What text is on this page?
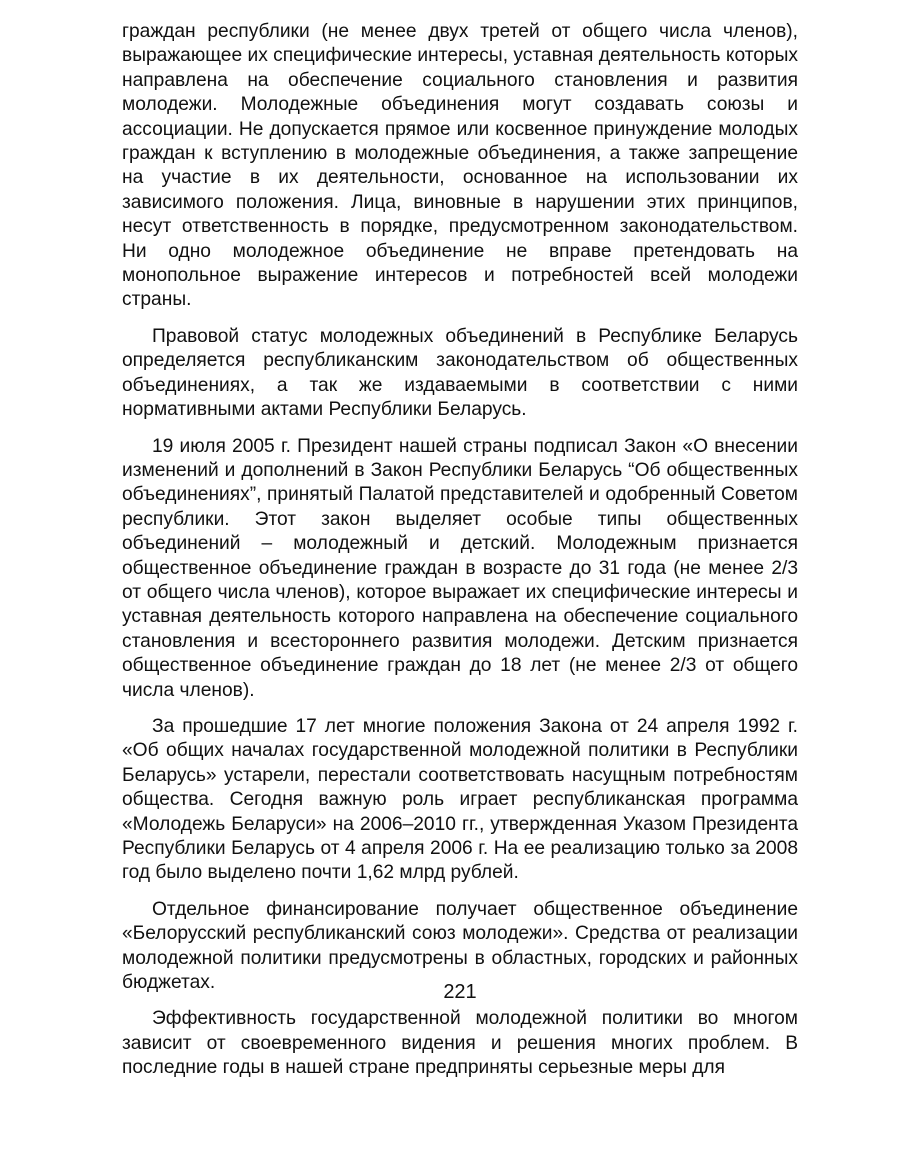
граждан республики (не менее двух третей от общего числа членов), выражающее их специфические интересы, уставная деятельность которых направлена на обеспечение социального становления и развития молодежи. Молодежные объединения могут создавать союзы и ассоциации. Не допускается прямое или косвенное принуждение молодых граждан к вступлению в молодежные объединения, а также запрещение на участие в их деятельности, основанное на использовании их зависимого положения. Лица, виновные в нарушении этих принципов, несут ответственность в порядке, предусмотренном законодательством. Ни одно молодежное объединение не вправе претендовать на монопольное выражение интересов и потребностей всей молодежи страны.

Правовой статус молодежных объединений в Республике Беларусь определяется республиканским законодательством об общественных объединениях, а так же издаваемыми в соответствии с ними нормативными актами Республики Беларусь.

19 июля 2005 г. Президент нашей страны подписал Закон «О внесении изменений и дополнений в Закон Республики Беларусь “Об общественных объединениях”, принятый Палатой представителей и одобренный Советом республики. Этот закон выделяет особые типы общественных объединений – молодежный и детский. Молодежным признается общественное объединение граждан в возрасте до 31 года (не менее 2/3 от общего числа членов), которое выражает их специфические интересы и уставная деятельность которого направлена на обеспечение социального становления и всестороннего развития молодежи. Детским признается общественное объединение граждан до 18 лет (не менее 2/3 от общего числа членов).

За прошедшие 17 лет многие положения Закона от 24 апреля 1992 г. «Об общих началах государственной молодежной политики в Республики Беларусь» устарели, перестали соответствовать насущным потребностям общества. Сегодня важную роль играет республиканская программа «Молодежь Беларуси» на 2006–2010 гг., утвержденная Указом Президента Республики Беларусь от 4 апреля 2006 г. На ее реализацию только за 2008 год было выделено почти 1,62 млрд рублей.

Отдельное финансирование получает общественное объединение «Белорусский республиканский союз молодежи». Средства от реализации молодежной политики предусмотрены в областных, городских и районных бюджетах.

Эффективность государственной молодежной политики во многом зависит от своевременного видения и решения многих проблем. В последние годы в нашей стране предприняты серьезные меры для

221
